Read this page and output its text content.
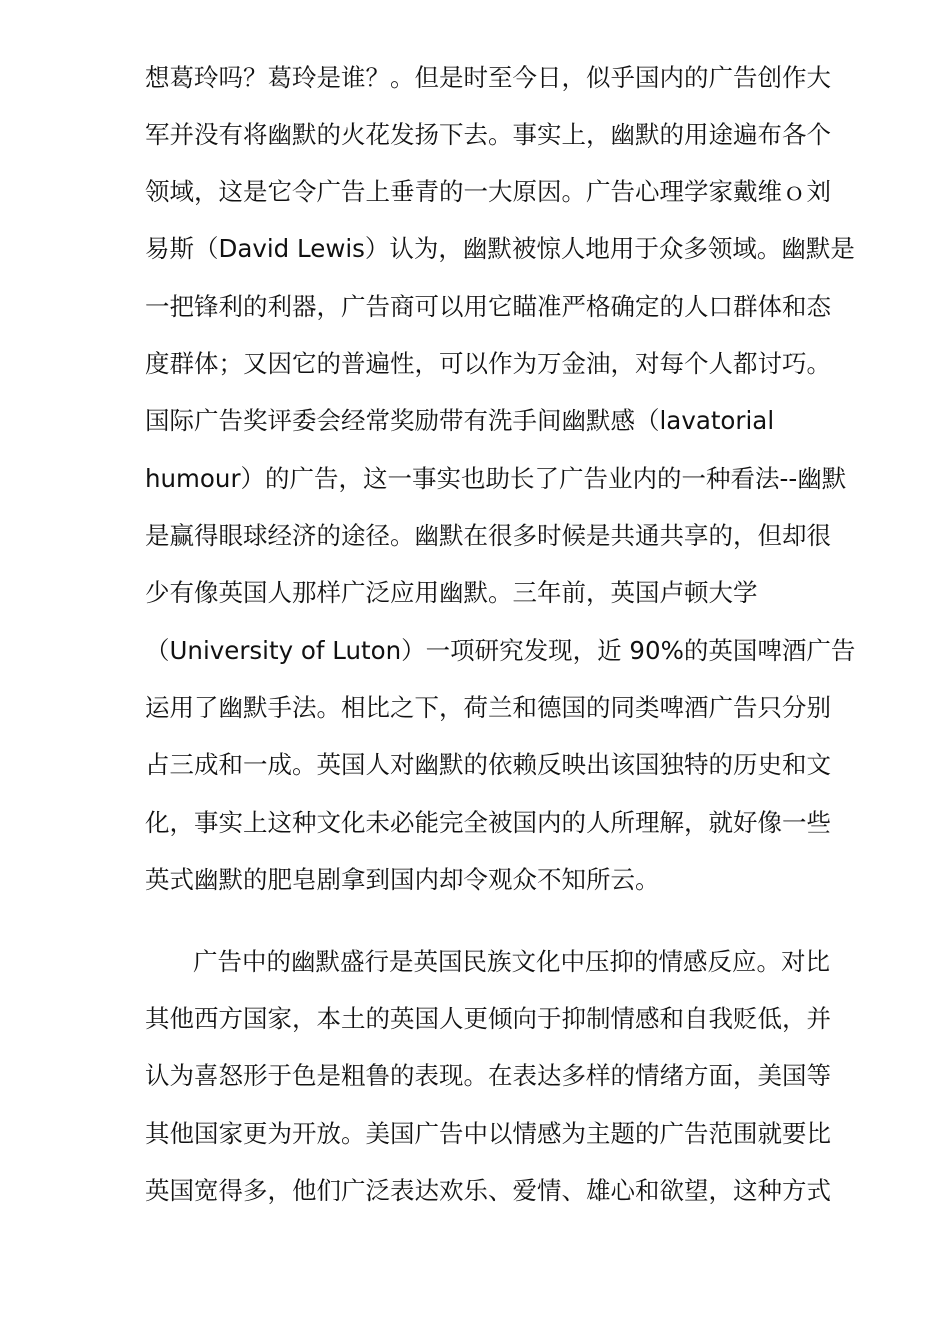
想葛玲吗？葛玲是谁？。但是时至今日，似乎国内的广告创作大
军并没有将幽默的火花发扬下去。事实上，幽默的用途遍布各个
领域，这是它令广告上垂青的一大原因。广告心理学家戴维ｏ刘
易斯（David Lewis）认为，幽默被惊人地用于众多领域。幽默是
一把锋利的利器，广告商可以用它瞄准严格确定的人口群体和态
度群体；又因它的普遍性，可以作为万金油，对每个人都讨巧。
国际广告奖评委会经常奖励带有洗手间幽默感（lavatorial
humour）的广告，这一事实也助长了广告业内的一种看法--幽默
是赢得眼球经济的途径。幽默在很多时候是共通共享的，但却很
少有像英国人那样广泛应用幽默。三年前，英国卢顿大学
（University of Luton）一项研究发现，近 90%的英国啤酒广告
运用了幽默手法。相比之下，荷兰和德国的同类啤酒广告只分别
占三成和一成。英国人对幽默的依赖反映出该国独特的历史和文
化，事实上这种文化未必能完全被国内的人所理解，就好像一些
英式幽默的肥皂剧拿到国内却令观众不知所云。
广告中的幽默盛行是英国民族文化中压抑的情感反应。对比
其他西方国家，本土的英国人更倾向于抑制情感和自我贬低，并
认为喜怒形于色是粗鲁的表现。在表达多样的情绪方面，美国等
其他国家更为开放。美国广告中以情感为主题的广告范围就要比
英国宽得多，他们广泛表达欢乐、爱情、雄心和欲望，这种方式
